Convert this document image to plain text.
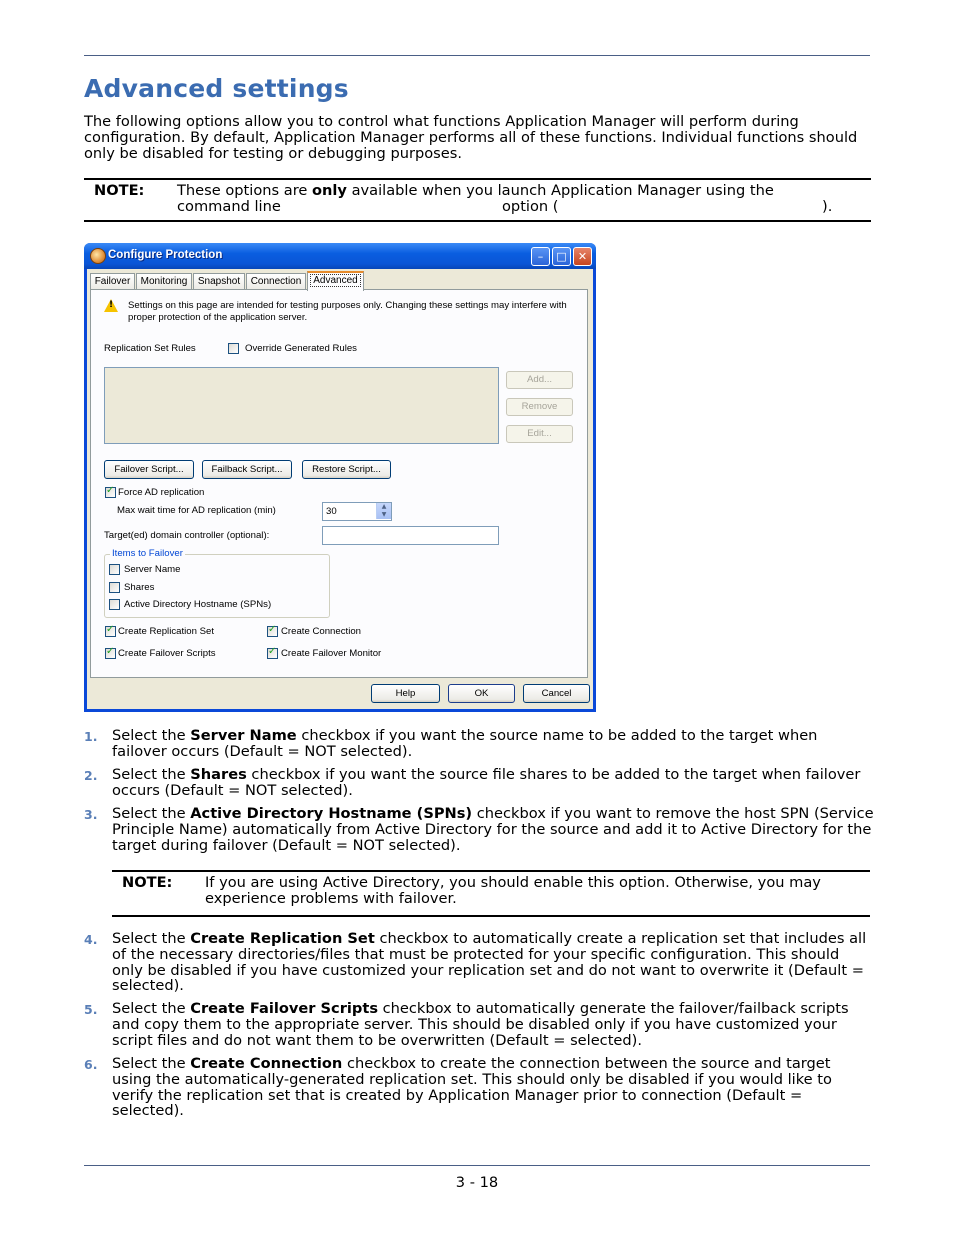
Advanced settings

The following options allow you to control what functions Application Manager will perform during configuration. By default, Application Manager performs all of these functions. Individual functions should only be disabled for testing or debugging purposes.

NOTE: These options are only available when you launch Application Manager using the
command line	option (	).
Configure Protection	–	□	✕
Failover	Monitoring	Snapshot	Connection	Advanced
! Settings on this page are intended for testing purposes only. Changing these settings may interfere with proper protection of the application server.
Replication Set Rules	Override Generated Rules
Add...
Remove
Edit...
Failover Script...	Failback Script...	Restore Script...
✓
Force AD replication
Max wait time for AD replication (min)	30	▲
▼
Target(ed) domain controller (optional):
Items to Failover
Server Name
Shares
Active Directory Hostname (SPNs)
✓
Create Replication Set ✓	Create Connection
✓
Create Failover Scripts ✓	Create Failover Monitor
Help	OK	Cancel
1. Select the Server Name checkbox if you want the source name to be added to the target when failover occurs (Default = NOT selected).
2. Select the Shares checkbox if you want the source file shares to be added to the target when failover occurs (Default = NOT selected).
3. Select the Active Directory Hostname (SPNs) checkbox if you want to remove the host SPN (Service Principle Name) automatically from Active Directory for the source and add it to Active Directory for the target during failover (Default = NOT selected).
NOTE: If you are using Active Directory, you should enable this option. Otherwise, you may experience problems with failover.
4. Select the Create Replication Set checkbox to automatically create a replication set that includes all of the necessary directories/files that must be protected for your specific configuration. This should only be disabled if you have customized your replication set and do not want to overwrite it (Default = selected).
5. Select the Create Failover Scripts checkbox to automatically generate the failover/failback scripts and copy them to the appropriate server. This should be disabled only if you have customized your script files and do not want them to be overwritten (Default = selected).
6. Select the Create Connection checkbox to create the connection between the source and target using the automatically-generated replication set. This should only be disabled if you would like to verify the replication set that is created by Application Manager prior to connection (Default = selected).
3 - 18
